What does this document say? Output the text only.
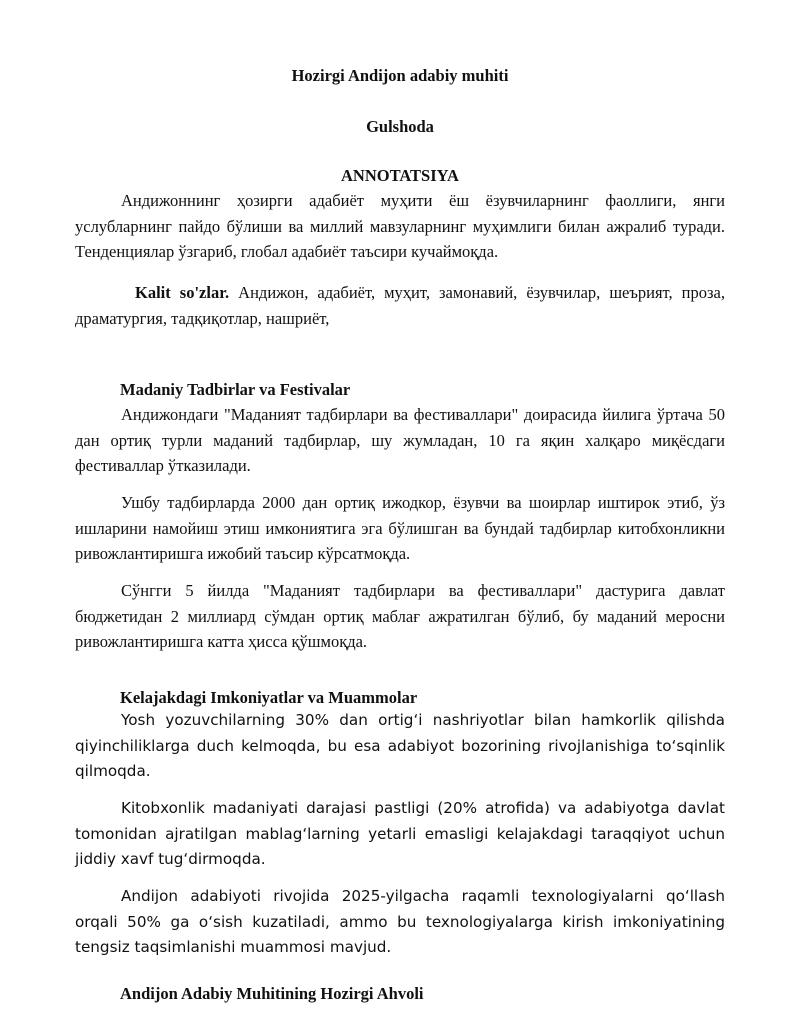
Hozirgi Andijon adabiy muhiti
Gulshoda
ANNOTATSIYA

Андижоннинг ҳозирги адабиёт муҳити ёш ёзувчиларнинг фаоллиги, янги услубларнинг пайдо бўлиши ва миллий мавзуларнинг муҳимлиги билан ажралиб туради. Тенденциялар ўзгариб, глобал адабиёт таъсири кучаймоқда.

Kalit so'zlar. Андижон, адабиёт, муҳит, замонавий, ёзувчилар, шеърият, проза, драматургия, тадқиқотлар, нашриёт,

Madaniy Tadbirlar va Festivalar

Андижондаги "Маданият тадбирлари ва фестиваллари" доирасида йилига ўртача 50 дан ортиқ турли маданий тадбирлар, шу жумладан, 10 га яқин халқаро миқёсдаги фестиваллар ўтказилади.

Ушбу тадбирларда 2000 дан ортиқ ижодкор, ёзувчи ва шоирлар иштирок этиб, ўз ишларини намойиш этиш имкониятига эга бўлишган ва бундай тадбирлар китобхонликни ривожлантиришга ижобий таъсир кўрсатмоқда.

Сўнгги 5 йилда "Маданият тадбирлари ва фестиваллари" дастурига давлат бюджетидан 2 миллиард сўмдан ортиқ маблағ ажратилган бўлиб, бу маданий меросни ривожлантиришга катта ҳисса қўшмоқда.

Kelajakdagi Imkoniyatlar va Muammolar

Yosh yozuvchilarning 30% dan ortig‘i nashriyotlar bilan hamkorlik qilishda qiyinchiliklarga duch kelmoqda, bu esa adabiyot bozorining rivojlanishiga to‘sqinlik qilmoqda.

Kitobxonlik madaniyati darajasi pastligi (20% atrofida) va adabiyotga davlat tomonidan ajratilgan mablag‘larning yetarli emasligi kelajakdagi taraqqiyot uchun jiddiy xavf tug‘dirmoqda.

Andijon adabiyoti rivojida 2025-yilgacha raqamli texnologiyalarni qo‘llash orqali 50% ga o‘sish kuzatiladi, ammo bu texnologiyalarga kirish imkoniyatining tengsiz taqsimlanishi muammosi mavjud.

Andijon Adabiy Muhitining Hozirgi Ahvoli
